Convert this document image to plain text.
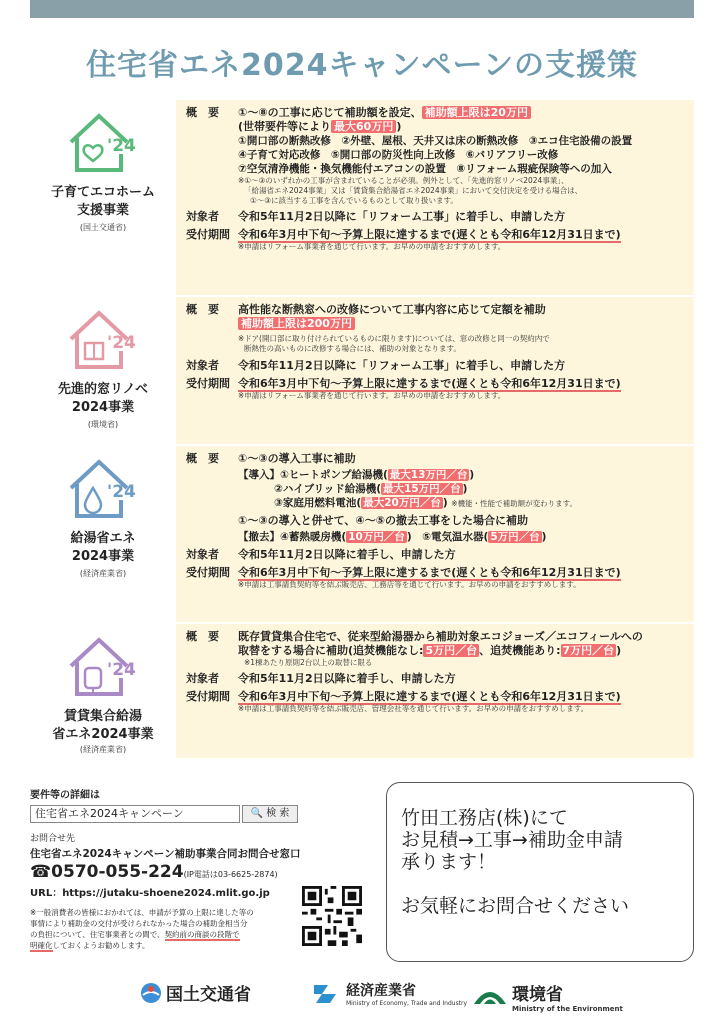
住宅省エネ2024キャンペーンの支援策
'24
子育てエコホーム
支援事業
(国土交通省)
概　要	①〜⑧の工事に応じて補助額を設定、 補助額上限は20万円
(世帯要件等により 最大60万円 )
①開口部の断熱改修　②外壁、屋根、天井又は床の断熱改修　③エコ住宅設備の設置
④子育て対応改修　⑤開口部の防災性向上改修　⑥バリアフリー改修
⑦空気清浄機能・換気機能付エアコンの設置　⑧リフォーム瑕疵保険等への加入
※①〜③のいずれかの工事が含まれていることが必須。例外として、「先進的窓リノベ2024事業」、
「給湯省エネ2024事業」又は「賃貸集合給湯省エネ2024事業」において交付決定を受ける場合は、
①〜③に該当する工事を含んでいるものとして取り扱います。
対象者	令和5年11月2日以降に「リフォーム工事」に着手し、申請した方
受付期間 令和6年3月中下旬〜予算上限に達するまで(遅くとも令和6年12月31日まで)
※申請はリフォーム事業者を通じて行います。お早めの申請をおすすめします。
'24
先進的窓リノベ
2024事業
(環境省)
概　要	高性能な断熱窓への改修について工事内容に応じて定額を補助
補助額上限は200万円
※ドア(開口部に取り付けられているものに限ります)については、窓の改修と同一の契約内で
断熱性の高いものに改修する場合には、補助の対象となります。
対象者	令和5年11月2日以降に「リフォーム工事」に着手し、申請した方
受付期間 令和6年3月中下旬〜予算上限に達するまで(遅くとも令和6年12月31日まで)
※申請はリフォーム事業者を通じて行います。お早めの申請をおすすめします。
'24
給湯省エネ
2024事業
(経済産業省)
概　要	①〜③の導入工事に補助
【導入】①ヒートポンプ給湯機( 最大13万円／台 )
②ハイブリッド給湯機( 最大15万円／台 )
③家庭用燃料電池( 最大20万円／台 ) ※機能・性能で補助額が変わります。
①〜③の導入と併せて、④〜⑤の撤去工事をした場合に補助
【撤去】④蓄熱暖房機( 10万円／台 )　 ⑤電気温水器( 5万円／台 )
対象者	令和5年11月2日以降に着手し、申請した方
受付期間 令和6年3月中下旬〜予算上限に達するまで(遅くとも令和6年12月31日まで)
※申請は工事請負契約等を結ぶ販売店、工務店等を通じて行います。お早めの申請をおすすめします。
'24
賃貸集合給湯
省エネ2024事業
(経済産業省)
概　要	既存賃貸集合住宅で、従来型給湯器から補助対象エコジョーズ／エコフィールへの
取替をする場合に補助(追焚機能なし: 5万円／台 、追焚機能あり: 7万円／台 )
※1棟あたり原則2台以上の取替に限る
対象者	令和5年11月2日以降に着手し、申請した方
受付期間 令和6年3月中下旬〜予算上限に達するまで(遅くとも令和6年12月31日まで)
※申請は工事請負契約等を結ぶ販売店、管理会社等を通じて行います。お早めの申請をおすすめします。
要件等の詳細は
住宅省エネ2024キャンペーン	🔍 検 索
お問合せ先
住宅省エネ2024キャンペーン補助事業合同お問合せ窓口
☎0570-055-224(IP電話は03-6625-2874)
URL：https://jutaku-shoene2024.mlit.go.jp
※一般消費者の皆様におかれては、申請が予算の上限に達した等の
事情により補助金の交付が受けられなかった場合の補助金相当分
の負担について、住宅事業者との間で、契約前の商談の段階で
明確化しておくようお勧めします。
竹田工務店(株)にて
お見積→工事→補助金申請
承ります！
お気軽にお問合せください
国土交通省	経済産業省
Ministry of Economy, Trade and Industry	環境省
Ministry of the Environment
